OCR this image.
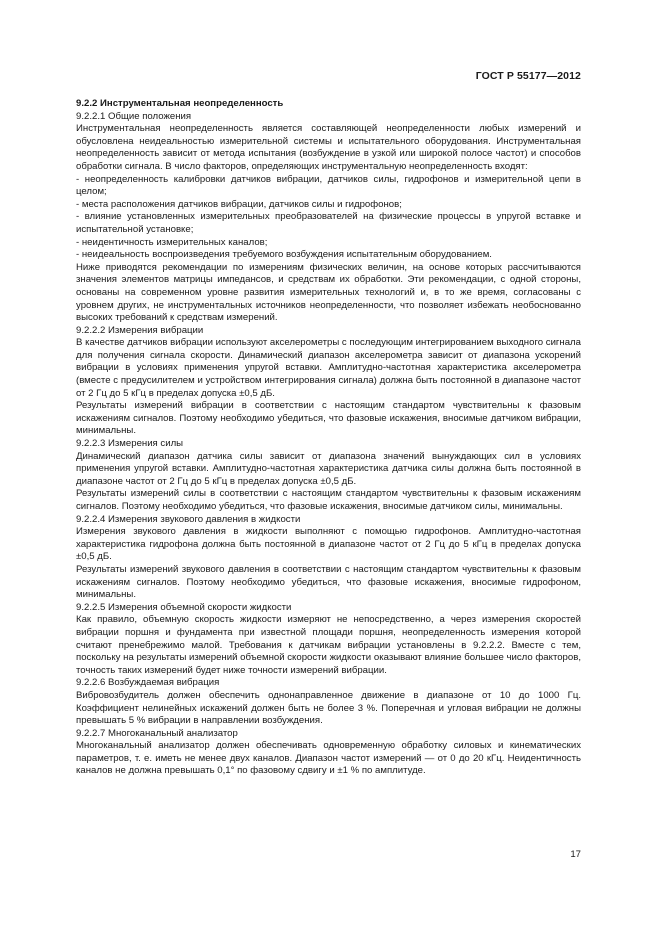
ГОСТ Р 55177—2012

9.2.2 Инструментальная неопределенность

9.2.2.1 Общие положения

Инструментальная неопределенность является составляющей неопределенности любых измерений и обусловлена неидеальностью измерительной системы и испытательного оборудования. Инструментальная неопределенность зависит от метода испытания (возбуждение в узкой или широкой полосе частот) и способов обработки сигнала. В число факторов, определяющих инструментальную неопределенность входят:

- неопределенность калибровки датчиков вибрации, датчиков силы, гидрофонов и измерительной цепи в целом;

- места расположения датчиков вибрации, датчиков силы и гидрофонов;

- влияние установленных измерительных преобразователей на физические процессы в упругой вставке и испытательной установке;

- неидентичность измерительных каналов;

- неидеальность воспроизведения требуемого возбуждения испытательным оборудованием.

Ниже приводятся рекомендации по измерениям физических величин, на основе которых рассчитываются значения элементов матрицы импедансов, и средствам их обработки. Эти рекомендации, с одной стороны, основаны на современном уровне развития измерительных технологий и, в то же время, согласованы с уровнем других, не инструментальных источников неопределенности, что позволяет избежать необоснованно высоких требований к средствам измерений.

9.2.2.2 Измерения вибрации

В качестве датчиков вибрации используют акселерометры с последующим интегрированием выходного сигнала для получения сигнала скорости. Динамический диапазон акселерометра зависит от диапазона ускорений вибрации в условиях применения упругой вставки. Амплитудно-частотная характеристика акселерометра (вместе с предусилителем и устройством интегрирования сигнала) должна быть постоянной в диапазоне частот от 2 Гц до 5 кГц в пределах допуска ±0,5 дБ.

Результаты измерений вибрации в соответствии с настоящим стандартом чувствительны к фазовым искажениям сигналов. Поэтому необходимо убедиться, что фазовые искажения, вносимые датчиком вибрации, минимальны.

9.2.2.3 Измерения силы

Динамический диапазон датчика силы зависит от диапазона значений вынуждающих сил в условиях применения упругой вставки. Амплитудно-частотная характеристика датчика силы должна быть постоянной в диапазоне частот от 2 Гц до 5 кГц в пределах допуска ±0,5 дБ.

Результаты измерений силы в соответствии с настоящим стандартом чувствительны к фазовым искажениям сигналов. Поэтому необходимо убедиться, что фазовые искажения, вносимые датчиком силы, минимальны.

9.2.2.4 Измерения звукового давления в жидкости

Измерения звукового давления в жидкости выполняют с помощью гидрофонов. Амплитудно-частотная характеристика гидрофона должна быть постоянной в диапазоне частот от 2 Гц до 5 кГц в пределах допуска ±0,5 дБ.

Результаты измерений звукового давления в соответствии с настоящим стандартом чувствительны к фазовым искажениям сигналов. Поэтому необходимо убедиться, что фазовые искажения, вносимые гидрофоном, минимальны.

9.2.2.5 Измерения объемной скорости жидкости

Как правило, объемную скорость жидкости измеряют не непосредственно, а через измерения скоростей вибрации поршня и фундамента при известной площади поршня, неопределенность измерения которой считают пренебрежимо малой. Требования к датчикам вибрации установлены в 9.2.2.2. Вместе с тем, поскольку на результаты измерений объемной скорости жидкости оказывают влияние большее число факторов, точность таких измерений будет ниже точности измерений вибрации.

9.2.2.6 Возбуждаемая вибрация

Вибровозбудитель должен обеспечить однонаправленное движение в диапазоне от 10 до 1000 Гц. Коэффициент нелинейных искажений должен быть не более 3 %. Поперечная и угловая вибрации не должны превышать 5 % вибрации в направлении возбуждения.

9.2.2.7 Многоканальный анализатор

Многоканальный анализатор должен обеспечивать одновременную обработку силовых и кинематических параметров, т. е. иметь не менее двух каналов. Диапазон частот измерений — от 0 до 20 кГц. Неидентичность каналов не должна превышать 0,1° по фазовому сдвигу и ±1 % по амплитуде.

17
